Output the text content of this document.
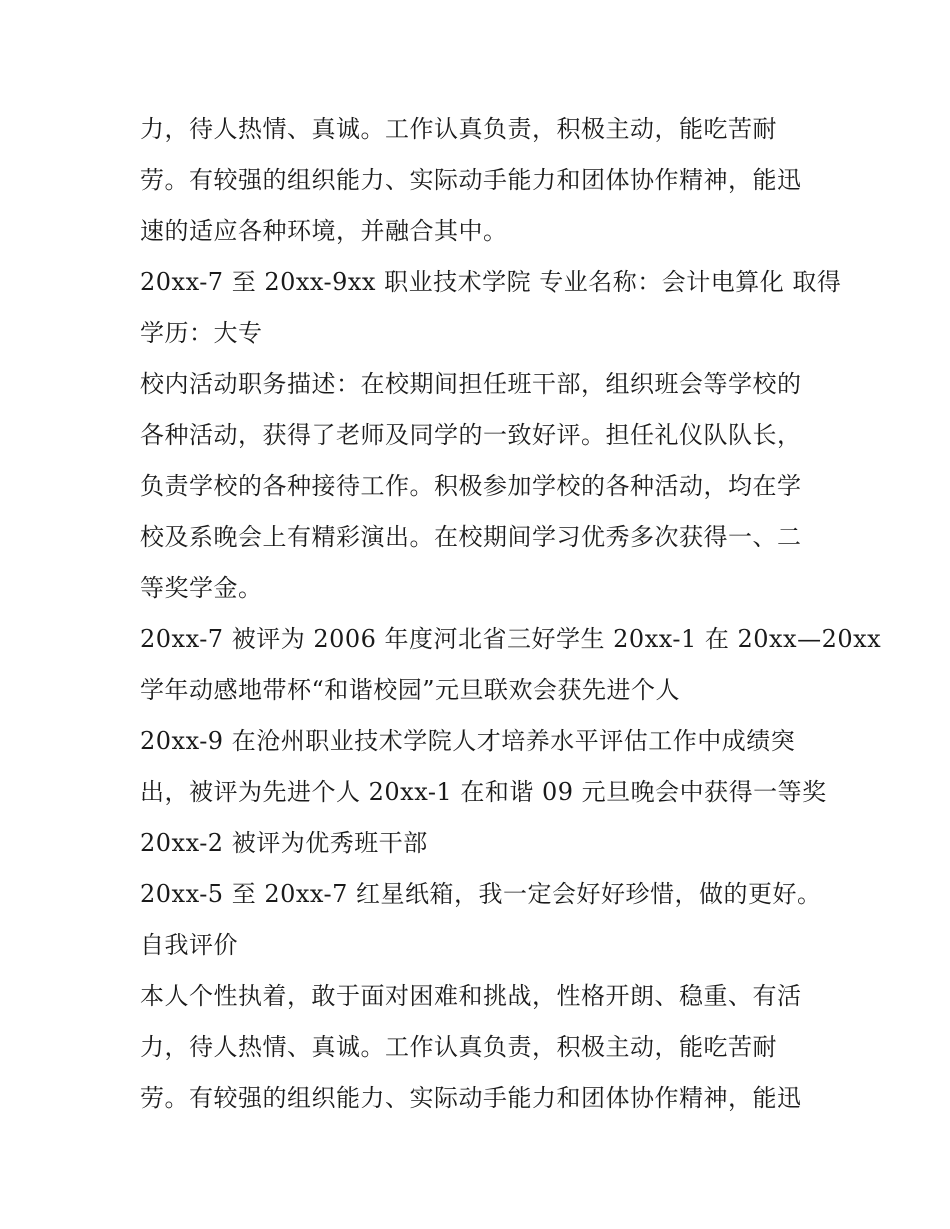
力，待人热情、真诚。工作认真负责，积极主动，能吃苦耐
劳。有较强的组织能力、实际动手能力和团体协作精神，能迅
速的适应各种环境，并融合其中。
20xx-7 至 20xx-9xx 职业技术学院 专业名称：会计电算化 取得
学历：大专
校内活动职务描述：在校期间担任班干部，组织班会等学校的
各种活动，获得了老师及同学的一致好评。担任礼仪队队长，
负责学校的各种接待工作。积极参加学校的各种活动，均在学
校及系晚会上有精彩演出。在校期间学习优秀多次获得一、二
等奖学金。
20xx-7 被评为 2006 年度河北省三好学生 20xx-1 在 20xx—20xx
学年动感地带杯“和谐校园”元旦联欢会获先进个人
20xx-9 在沧州职业技术学院人才培养水平评估工作中成绩突
出，被评为先进个人 20xx-1 在和谐 09 元旦晚会中获得一等奖
20xx-2 被评为优秀班干部
20xx-5 至 20xx-7 红星纸箱，我一定会好好珍惜，做的更好。
自我评价
本人个性执着，敢于面对困难和挑战，性格开朗、稳重、有活
力，待人热情、真诚。工作认真负责，积极主动，能吃苦耐
劳。有较强的组织能力、实际动手能力和团体协作精神，能迅
